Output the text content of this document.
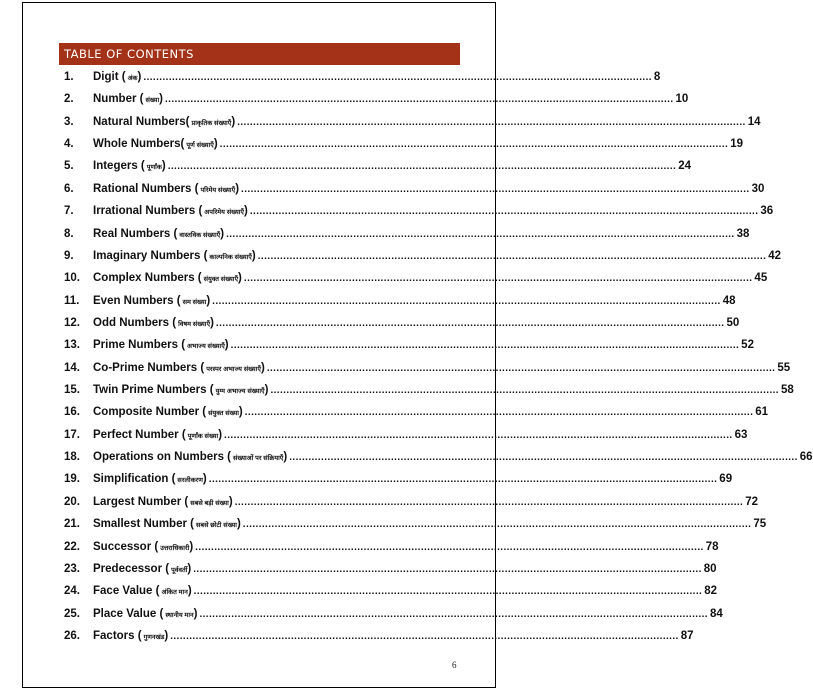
TABLE OF CONTENTS
1.	Digit ( अंक) ................................................................................................................................................................ 8
2.	Number ( संख्या) ................................................................................................................................................................ 10
3.	Natural Numbers( प्राकृतिक संख्याएँ) ................................................................................................................................................................ 14
4.	Whole Numbers( पूर्ण संख्याएँ) ................................................................................................................................................................ 19
5.	Integers ( पूर्णांक) ................................................................................................................................................................ 24
6.	Rational Numbers ( परिमेय संख्याएँ) ................................................................................................................................................................ 30
7.	Irrational Numbers ( अपरिमेय संख्याएँ) ................................................................................................................................................................ 36
8.	Real Numbers ( वास्तविक संख्याएँ) ................................................................................................................................................................ 38
9.	Imaginary Numbers ( काल्पनिक संख्याएँ) ................................................................................................................................................................ 42
10.	Complex Numbers ( संयुक्त संख्याएँ) ................................................................................................................................................................ 45
11.	Even Numbers ( सम संख्या) ................................................................................................................................................................ 48
12.	Odd Numbers ( विषम संख्याएँ) ................................................................................................................................................................ 50
13.	Prime Numbers ( अभाज्य संख्याएँ) ................................................................................................................................................................ 52
14.	Co-Prime Numbers ( परस्पर अभाज्य संख्याएँ) ................................................................................................................................................................ 55
15.	Twin Prime Numbers ( युग्म अभाज्य संख्याएँ) ................................................................................................................................................................ 58
16.	Composite Number ( संयुक्त संख्या) ................................................................................................................................................................ 61
17.	Perfect Number ( पूर्णांक संख्या) ................................................................................................................................................................ 63
18.	Operations on Numbers ( संख्याओं पर संक्रियाएँ) ................................................................................................................................................................ 66
19.	Simplification ( सरलीकरण) ................................................................................................................................................................ 69
20.	Largest Number ( सबसे बड़ी संख्या) ................................................................................................................................................................ 72
21.	Smallest Number ( सबसे छोटी संख्या) ................................................................................................................................................................ 75
22.	Successor ( उत्तराधिकारी) ................................................................................................................................................................ 78
23.	Predecessor ( पूर्ववर्ती) ................................................................................................................................................................ 80
24.	Face Value ( अंकित मान) ................................................................................................................................................................ 82
25.	Place Value ( स्थानीय मान) ................................................................................................................................................................ 84
26.	Factors ( गुणनखंड) ................................................................................................................................................................ 87
6
